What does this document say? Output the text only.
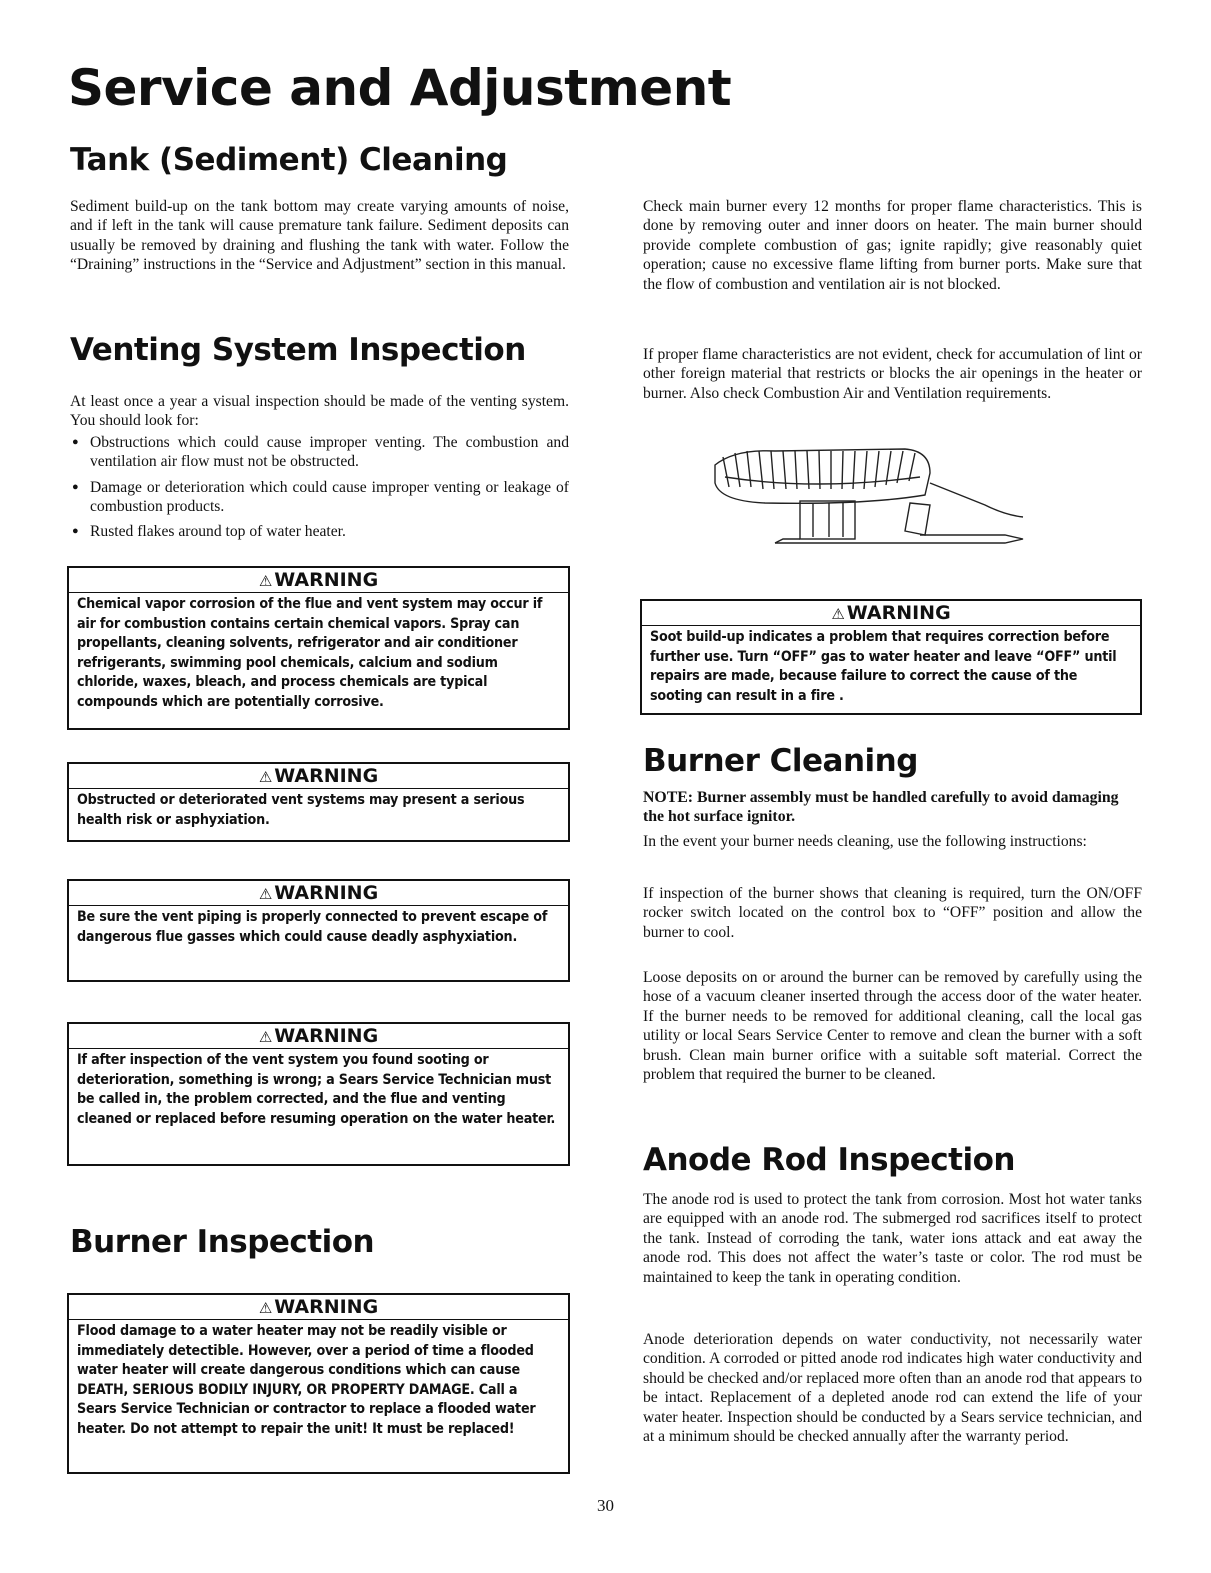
Service and Adjustment
Tank (Sediment) Cleaning

Sediment build-up on the tank bottom may create varying amounts of noise, and if left in the tank will cause premature tank failure. Sediment deposits can usually be removed by draining and flushing the tank with water. Follow the “Draining” instructions in the “Service and Adjustment” section in this manual.

Venting System Inspection

At least once a year a visual inspection should be made of the venting system. You should look for:

● Obstructions which could cause improper venting. The combustion and ventilation air flow must not be obstructed.
● Damage or deterioration which could cause improper venting or leakage of combustion products.
● Rusted flakes around top of water heater.
⚠ WARNING
Chemical vapor corrosion of the flue and vent system may occur if air for combustion contains certain chemical vapors. Spray can propellants, cleaning solvents, refrigerator and air conditioner refrigerants, swimming pool chemicals, calcium and sodium chloride, waxes, bleach, and process chemicals are typical compounds which are potentially corrosive.
⚠ WARNING
Obstructed or deteriorated vent systems may present a serious health risk or asphyxiation.
⚠ WARNING
Be sure the vent piping is properly connected to prevent escape of dangerous flue gasses which could cause deadly asphyxiation.
⚠ WARNING
If after inspection of the vent system you found sooting or deterioration, something is wrong; a Sears Service Technician must be called in, the problem corrected, and the flue and venting cleaned or replaced before resuming operation on the water heater.
Burner Inspection
⚠ WARNING
Flood damage to a water heater may not be readily visible or immediately detectible. However, over a period of time a flooded water heater will create dangerous conditions which can cause DEATH, SERIOUS BODILY INJURY, OR PROPERTY DAMAGE. Call a Sears Service Technician or contractor to replace a flooded water heater. Do not attempt to repair the unit! It must be replaced!

Check main burner every 12 months for proper flame characteristics. This is done by removing outer and inner doors on heater. The main burner should provide complete combustion of gas; ignite rapidly; give reasonably quiet operation; cause no excessive flame lifting from burner ports. Make sure that the flow of combustion and ventilation air is not blocked.

If proper flame characteristics are not evident, check for accumulation of lint or other foreign material that restricts or blocks the air openings in the heater or burner. Also check Combustion Air and Ventilation requirements.

⚠ WARNING
Soot build-up indicates a problem that requires correction before further use. Turn “OFF” gas to water heater and leave “OFF” until repairs are made, because failure to correct the cause of the sooting can result in a fire .
Burner Cleaning

NOTE: Burner assembly must be handled carefully to avoid damaging the hot surface ignitor.

In the event your burner needs cleaning, use the following instructions:

If inspection of the burner shows that cleaning is required, turn the ON/OFF rocker switch located on the control box to “OFF” position and allow the burner to cool.

Loose deposits on or around the burner can be removed by carefully using the hose of a vacuum cleaner inserted through the access door of the water heater. If the burner needs to be removed for additional cleaning, call the local gas utility or local Sears Service Center to remove and clean the burner with a soft brush. Clean main burner orifice with a suitable soft material. Correct the problem that required the burner to be cleaned.

Anode Rod Inspection

The anode rod is used to protect the tank from corrosion. Most hot water tanks are equipped with an anode rod. The submerged rod sacrifices itself to protect the tank. Instead of corroding the tank, water ions attack and eat away the anode rod. This does not affect the water’s taste or color. The rod must be maintained to keep the tank in operating condition.

Anode deterioration depends on water conductivity, not necessarily water condition. A corroded or pitted anode rod indicates high water conductivity and should be checked and/or replaced more often than an anode rod that appears to be intact. Replacement of a depleted anode rod can extend the life of your water heater. Inspection should be conducted by a Sears service technician, and at a minimum should be checked annually after the warranty period.

30
